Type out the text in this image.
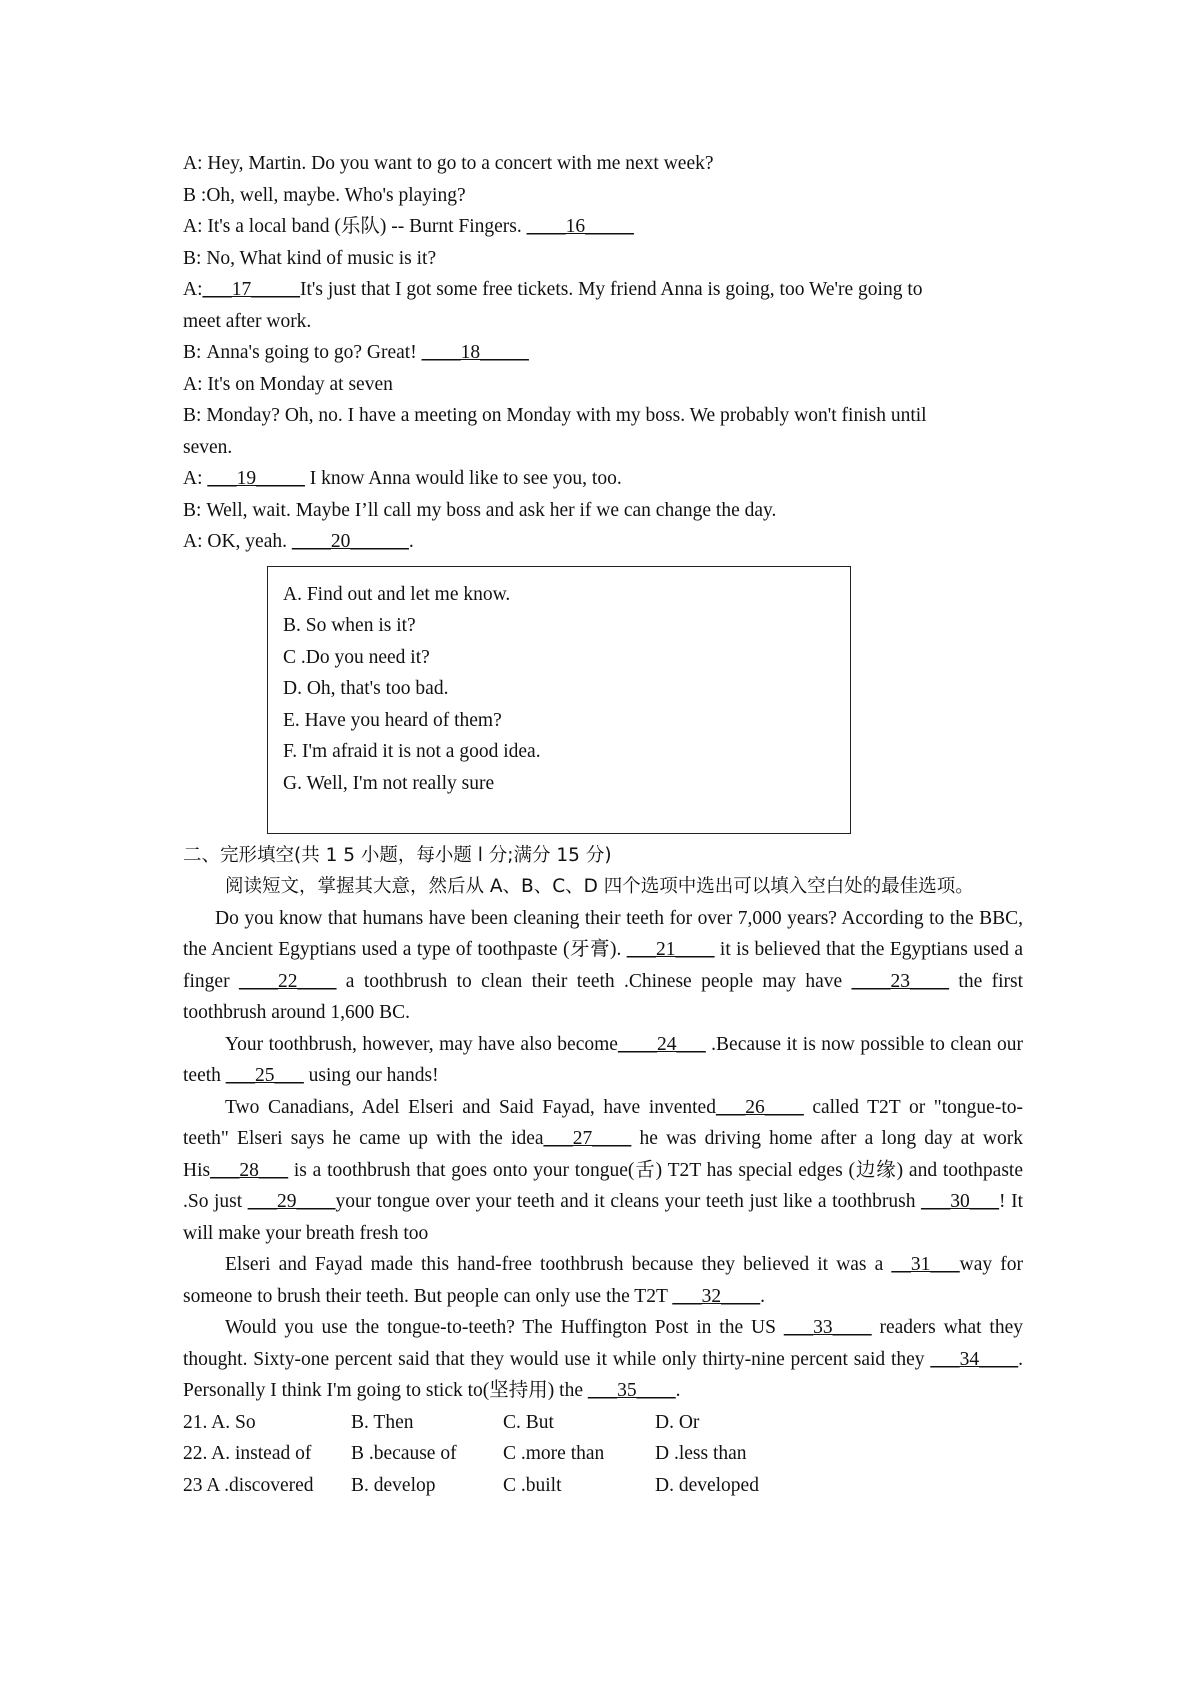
A: Hey, Martin. Do you want to go to a concert with me next week?
B : Oh, well, maybe. Who's playing?
A: It's a local band (乐队) -- Burnt Fingers. ____16_____
B: No, What kind of music is it?
A: ___17_____It's just that I got some free tickets. My friend Anna is going, too We're going to
meet after work.
B: Anna's going to go? Great! ____18_____
A: It's on Monday at seven
B: Monday? Oh, no. I have a meeting on Monday with my boss. We probably won't finish until
seven.
A: ___19_____ I know Anna would like to see you, too.
B: Well, wait. Maybe I’ll call my boss and ask her if we can change the day.
A: OK, yeah. ____20______.
A. Find out and let me know.
B. So when is it?
C .Do you need it?
D. Oh, that's too bad.
E. Have you heard of them?
F. I'm afraid it is not a good idea.
G. Well, I'm not really sure
二、完形填空(共 1 5 小题，每小题 l 分;满分 15 分)
阅读短文，掌握其大意，然后从 A、B、C、D 四个选项中选出可以填入空白处的最佳选项。
Do you know that humans have been cleaning their teeth for over 7,000 years? According to the BBC, the Ancient Egyptians used a type of toothpaste (牙膏). ___21____ it is believed that the Egyptians used a finger ____22____ a toothbrush to clean their teeth .Chinese people may have ____23____ the first toothbrush around 1,600 BC.
Your toothbrush, however, may have also become____24___ .Because it is now possible to clean our teeth ___25___ using our hands!
Two Canadians, Adel Elseri and Said Fayad, have invented___26____ called T2T or "tongue-to-teeth" Elseri says he came up with the idea___27____ he was driving home after a long day at work His___28___ is a toothbrush that goes onto your tongue(舌) T2T has special edges (边缘) and toothpaste .So just ___29____your tongue over your teeth and it cleans your teeth just like a toothbrush ___30___! It will make your breath fresh too
Elseri and Fayad made this hand-free toothbrush because they believed it was a __31___way for someone to brush their teeth. But people can only use the T2T ___32____.
Would you use the tongue-to-teeth? The Huffington Post in the US ___33____ readers what they thought. Sixty-one percent said that they would use it while only thirty-nine percent said they ___34____. Personally I think I'm going to stick to(坚持用) the ___35____.
21. A. So	B. Then	C. But	D. Or
22. A. instead of	B .because of	C .more than	D .less than
23 A .discovered	B. develop	C .built	D. developed
